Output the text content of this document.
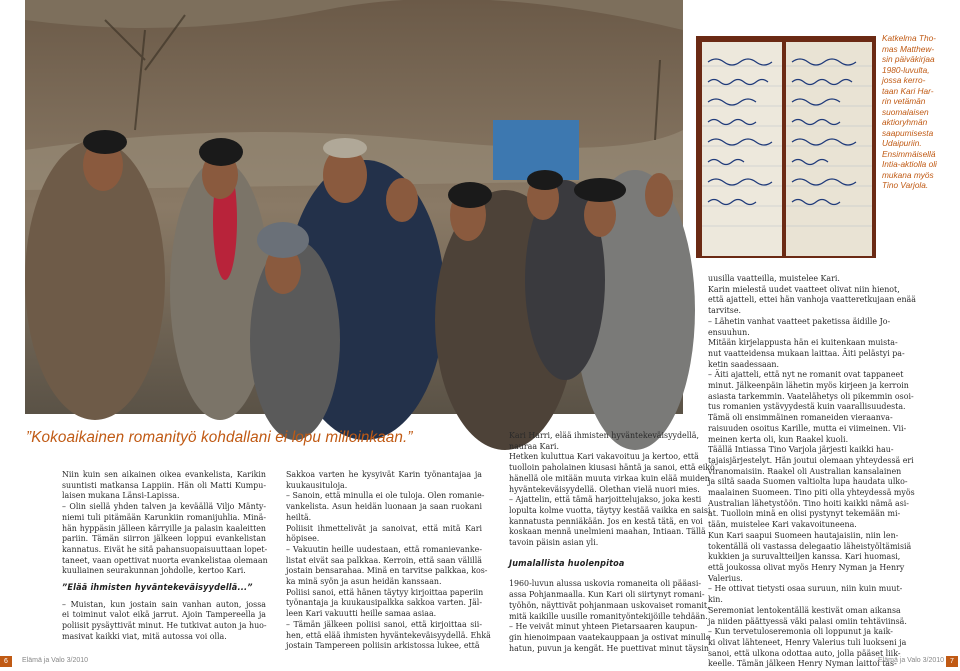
Katkelma Tho-
mas Matthew-
sin päiväkirjaa
1980-luvulta,
jossa kerro-
taan Kari Har-
rin vetämän
suomalaisen
aktioryhmän
saapumisesta
Udaipuriin.
Ensimmäisellä
Intia-aktiolla oli
mukana myös
Tino Varjola.
”Kokoaikainen romanityö kohdallani ei lopu milloinkaan.”
Niin kuin sen aikainen oikea evankelista, Karikin
suuntisti matkansa Lappiin. Hän oli Matti Kumpu-
laisen mukana Länsi-Lapissa.
– Olin siellä yhden talven ja keväällä Viljo Mänty-
niemi tuli pitämään Karunkiin romanijuhlia. Minä-
hän hyppäsin jälleen kärryille ja palasin kaaleitten
pariin. Tämän siirron jälkeen loppui evankelistan
kannatus. Eivät he sitä pahansuopaisuuttaan lopet-
taneet, vaan opettivat nuorta evankelistaa olemaan
kuuliainen seurakunnan johdolle, kertoo Kari.
”Elää ihmisten hyväntekeväisyydellä...”
– Muistan, kun jostain sain vanhan auton, jossa
ei toiminut valot eikä jarrut. Ajoin Tampereella ja
poliisit pysäyttivät minut. He tutkivat auton ja huo-
masivat kaikki viat, mitä autossa voi olla.
Sakkoa varten he kysyivät Karin työnantajaa ja
kuukausituloja.
– Sanoin, että minulla ei ole tuloja. Olen romanie-
vankelista. Asun heidän luonaan ja saan ruokani
heiltä.
Poliisit ihmettelivät ja sanoivat, että mitä Kari
höpisee.
– Vakuutin heille uudestaan, että romanievanke-
listat eivät saa palkkaa. Kerroin, että saan välillä
jostain bensarahaa. Minä en tarvitse palkkaa, kos-
ka minä syön ja asun heidän kanssaan.
Poliisi sanoi, että hänen täytyy kirjoittaa paperiin
työnantaja ja kuukausipalkka sakkoa varten. Jäl-
leen Kari vakuutti heille samaa asiaa.
– Tämän jälkeen poliisi sanoi, että kirjoittaa sii-
hen, että elää ihmisten hyväntekeväisyydellä. Ehkä
jostain Tampereen poliisin arkistossa lukee, että
Kari Harri, elää ihmisten hyväntekeväisyydellä,
nauraa Kari.
Hetken kuluttua Kari vakavoituu ja kertoo, että
tuolloin paholainen kiusasi häntä ja sanoi, että eikö
hänellä ole mitään muuta virkaa kuin elää muiden
hyväntekeväisyydellä. Olethan vielä nuori mies.
– Ajattelin, että tämä harjoittelujakso, joka kesti
lopulta kolme vuotta, täytyy kestää vaikka en saisi
kannatusta penniäkään. Jos en kestä tätä, en voi
koskaan mennä unelmieni maahan, Intiaan. Tällä
tavoin päisin asian yli.
Jumalallista huolenpitoa
1960-luvun alussa uskovia romaneita oli pääasi-
assa Pohjanmaalla. Kun Kari oli siirtynyt romani-
työhön, näyttivät pohjanmaan uskovaiset romanit,
mitä kaikille uusille romanityöntekijöille tehdään.
– He veivät minut yhteen Pietarsaaren kaupun-
gin hienoimpaan vaatekauppaan ja ostivat minulle
hatun, puvun ja kengät. He puettivat minut täysin
uusilla vaatteilla, muistelee Kari.
Karin mielestä uudet vaatteet olivat niin hienot,
että ajatteli, ettei hän vanhoja vaatteretkujaan enää
tarvitse.
– Lähetin vanhat vaatteet paketissa äidille Jo-
ensuuhun.
Mitään kirjelappusta hän ei kuitenkaan muista-
nut vaatteidensa mukaan laittaa. Äiti pelästyi pa-
ketin saadessaan.
– Äiti ajatteli, että nyt ne romanit ovat tappaneet
minut. Jälkeenpäin lähetin myös kirjeen ja kerroin
asiasta tarkemmin. Vaatelähetys oli pikemmin osoi-
tus romanien ystävyydestä kuin vaarallisuudesta.
Tämä oli ensimmäinen romaneiden vieraanva-
raisuuden osoitus Karille, mutta ei viimeinen. Vii-
meinen kerta oli, kun Raakel kuoli.
Täällä Intiassa Tino Varjola järjesti kaikki hau-
tajaisjärjestelyt. Hän joutui olemaan yhteydessä eri
viranomaisiin. Raakel oli Australian kansalainen
ja siltä saada Suomen valtiolta lupa haudata ulko-
maalainen Suomeen. Tino piti olla yhteydessä myös
Australian lähetystöön. Tino hoiti kaikki nämä asi-
at. Tuolloin minä en olisi pystynyt tekemään mi-
tään, muistelee Kari vakavoituneena.
Kun Kari saapui Suomeen hautajaisiin, niin len-
tokentällä oli vastassa delegaatio läheistyöltämisiä
kukkien ja suruvaltteiljen kanssa. Kari huomasi,
että joukossa olivat myös Henry Nyman ja Henry
Valerius.
– He ottivat tietysti osaa suruun, niin kuin muut-
kin.
Seremoniat lentokentällä kestivät oman aikansa
ja niiden päättyessä väki palasi omiin tehtäviinsä.
– Kun tervetuloseremonia oli loppunut ja kaik-
ki olivat lähteneet, Henry Valerius tuli luokseni ja
sanoi, että ulkona odottaa auto, jolla pääset liik-
keelle. Tämän jälkeen Henry Nyman laittoi tas-
6	Elämä ja Valo 3/2010	Elämä ja Valo 3/2010 7
